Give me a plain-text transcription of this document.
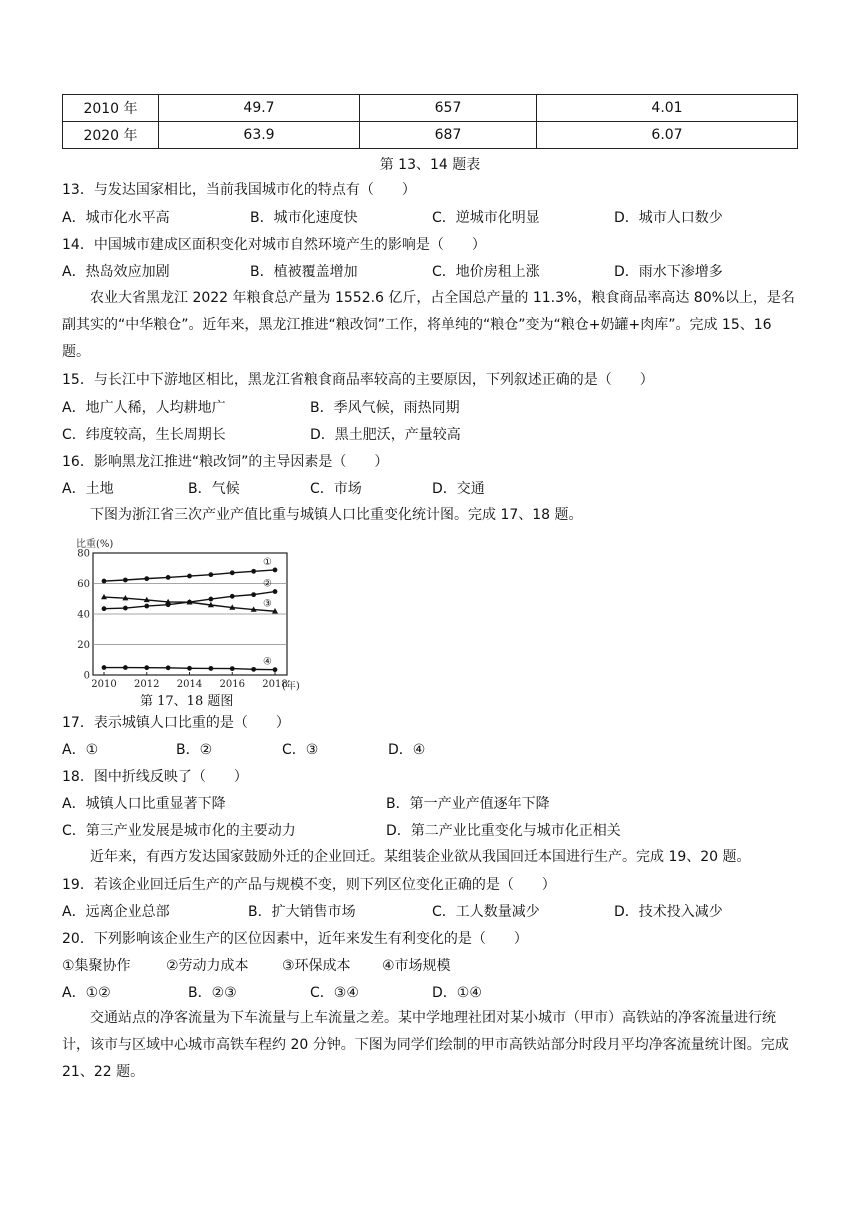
2010 年	49.7	657	4.01
2020 年	63.9	687	6.07
第 13、14 题表
13．与发达国家相比，当前我国城市化的特点有（　　）
A．城市化水平高	B．城市化速度快	C．逆城市化明显	D．城市人口数少
14．中国城市建成区面积变化对城市自然环境产生的影响是（　　）
A．热岛效应加剧	B．植被覆盖增加	C．地价房租上涨	D．雨水下渗增多
农业大省黑龙江 2022 年粮食总产量为 1552.6 亿斤，占全国总产量的 11.3%，粮食商品率高达 80%以上，是名副其实的“中华粮仓”。近年来，黑龙江推进“粮改饲”工作，将单纯的“粮仓”变为“粮仓+奶罐+肉库”。完成 15、16 题。
15．与长江中下游地区相比，黑龙江省粮食商品率较高的主要原因，下列叙述正确的是（　　）
A．地广人稀，人均耕地广	B．季风气候，雨热同期
C．纬度较高，生长周期长	D．黑土肥沃，产量较高
16．影响黑龙江推进“粮改饲”的主导因素是（　　）
A．土地	B．气候	C．市场	D．交通
下图为浙江省三次产业产值比重与城镇人口比重变化统计图。完成 17、18 题。
比重(%)
(年)
0
20
40
60
80
2010 2012 2014 2016 2018
①
②
③
④
第 17、18 题图
17．表示城镇人口比重的是（　　）
A．①	B．②	C．③	D．④
18．图中折线反映了（　　）
A．城镇人口比重显著下降	B．第一产业产值逐年下降
C．第三产业发展是城市化的主要动力	D．第二产业比重变化与城市化正相关
近年来，有西方发达国家鼓励外迁的企业回迁。某组装企业欲从我国回迁本国进行生产。完成 19、20 题。
19．若该企业回迁后生产的产品与规模不变，则下列区位变化正确的是（　　）
A．远离企业总部	B．扩大销售市场	C．工人数量减少	D．技术投入减少
20．下列影响该企业生产的区位因素中，近年来发生有利变化的是（　　）
①集聚协作	②劳动力成本 ③环保成本 ④市场规模
A．①②	B．②③	C．③④	D．①④
交通站点的净客流量为下车流量与上车流量之差。某中学地理社团对某小城市（甲市）高铁站的净客流量进行统计，该市与区域中心城市高铁车程约 20 分钟。下图为同学们绘制的甲市高铁站部分时段月平均净客流量统计图。完成 21、22 题。
